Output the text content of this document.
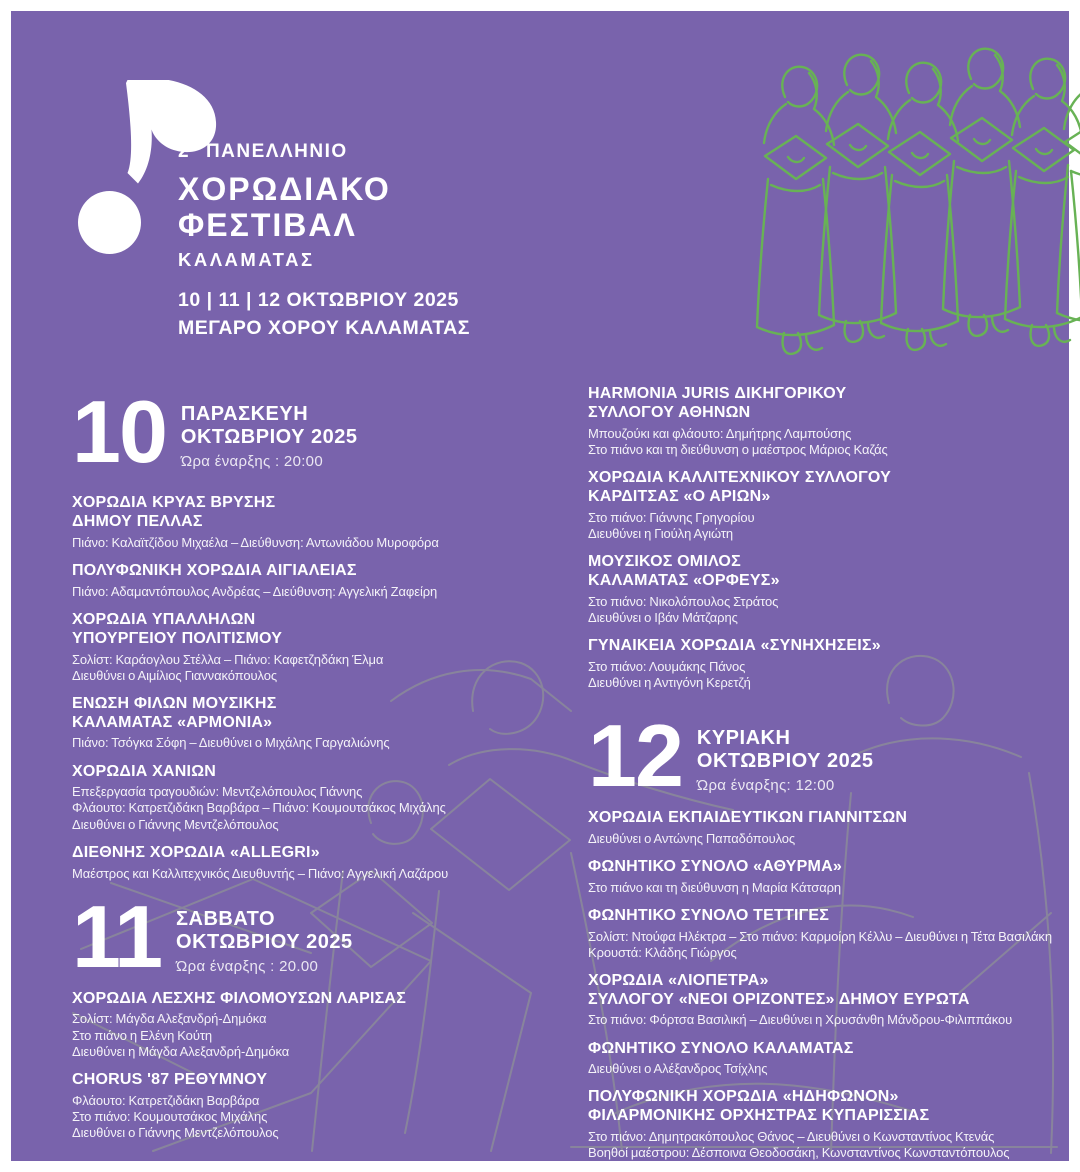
2° ΠΑΝΕΛΛΗΝΙΟ
ΧΟΡΩΔΙΑΚΟ
ΦΕΣΤΙΒΑΛ
ΚΑΛΑΜΑΤΑΣ
10 | 11 | 12 ΟΚΤΩΒΡΙΟΥ 2025
ΜΕΓΑΡΟ ΧΟΡΟΥ ΚΑΛΑΜΑΤΑΣ
10 ΠΑΡΑΣΚΕΥΗ
ΟΚΤΩΒΡΙΟΥ 2025
Ώρα έναρξης : 20:00
ΧΟΡΩΔΙΑ ΚΡΥΑΣ ΒΡΥΣΗΣ
ΔΗΜΟΥ ΠΕΛΛΑΣ
Πιάνο: Καλαϊτζίδου Μιχαέλα – Διεύθυνση: Αντωνιάδου Μυροφόρα
ΠΟΛΥΦΩΝΙΚΗ ΧΟΡΩΔΙΑ ΑΙΓΙΑΛΕΙΑΣ
Πιάνο: Αδαμαντόπουλος Ανδρέας – Διεύθυνση: Αγγελική Ζαφείρη
ΧΟΡΩΔΙΑ ΥΠΑΛΛΗΛΩΝ
ΥΠΟΥΡΓΕΙΟΥ ΠΟΛΙΤΙΣΜΟΥ
Σολίστ: Καράογλου Στέλλα – Πιάνο: Καφετζηδάκη Έλμα
Διευθύνει ο Αιμίλιος Γιαννακόπουλος
ΕΝΩΣΗ ΦΙΛΩΝ ΜΟΥΣΙΚΗΣ
ΚΑΛΑΜΑΤΑΣ «ΑΡΜΟΝΙΑ»
Πιάνο: Τσόγκα Σόφη – Διευθύνει ο Μιχάλης Γαργαλιώνης
ΧΟΡΩΔΙΑ ΧΑΝΙΩΝ
Επεξεργασία τραγουδιών: Μεντζελόπουλος Γιάννης
Φλάουτο: Κατρετζιδάκη Βαρβάρα – Πιάνο: Κουμουτσάκος Μιχάλης
Διευθύνει ο Γιάννης Μεντζελόπουλος
ΔΙΕΘΝΗΣ ΧΟΡΩΔΙΑ «ALLEGRI»
Μαέστρος και Καλλιτεχνικός Διευθυντής – Πιάνο: Αγγελική Λαζάρου
11 ΣΑΒΒΑΤΟ
ΟΚΤΩΒΡΙΟΥ 2025
Ώρα έναρξης : 20.00
ΧΟΡΩΔΙΑ ΛΕΣΧΗΣ ΦΙΛΟΜΟΥΣΩΝ ΛΑΡΙΣΑΣ
Σολίστ: Μάγδα Αλεξανδρή-Δημόκα
Στο πιάνο η Ελένη Κούτη
Διευθύνει η Μάγδα Αλεξανδρή-Δημόκα
CHORUS '87 ΡΕΘΥΜΝΟΥ
Φλάουτο: Κατρετζιδάκη Βαρβάρα
Στο πιάνο: Κουμουτσάκος Μιχάλης
Διευθύνει ο Γιάννης Μεντζελόπουλος
HARMONIA JURIS ΔΙΚΗΓΟΡΙΚΟΥ
ΣΥΛΛΟΓΟΥ ΑΘΗΝΩΝ
Μπουζούκι και φλάουτο: Δημήτρης Λαμπούσης
Στο πιάνο και τη διεύθυνση ο μαέστρος Μάριος Καζάς
ΧΟΡΩΔΙΑ ΚΑΛΛΙΤΕΧΝΙΚΟΥ ΣΥΛΛΟΓΟΥ
ΚΑΡΔΙΤΣΑΣ «Ο ΑΡΙΩΝ»
Στο πιάνο: Γιάννης Γρηγορίου
Διευθύνει η Γιούλη Αγιώτη
ΜΟΥΣΙΚΟΣ ΟΜΙΛΟΣ
ΚΑΛΑΜΑΤΑΣ «ΟΡΦΕΥΣ»
Στο πιάνο: Νικολόπουλος Στράτος
Διευθύνει ο Ιβάν Μάτζαρης
ΓΥΝΑΙΚΕΙΑ ΧΟΡΩΔΙΑ «ΣΥΝΗΧΗΣΕΙΣ»
Στο πιάνο: Λουμάκης Πάνος
Διευθύνει η Αντιγόνη Κερετζή
12 ΚΥΡΙΑΚΗ
ΟΚΤΩΒΡΙΟΥ 2025
Ώρα έναρξης: 12:00
ΧΟΡΩΔΙΑ ΕΚΠΑΙΔΕΥΤΙΚΩΝ ΓΙΑΝΝΙΤΣΩΝ
Διευθύνει ο Αντώνης Παπαδόπουλος
ΦΩΝΗΤΙΚΟ ΣΥΝΟΛΟ «ΑΘΥΡΜΑ»
Στο πιάνο και τη διεύθυνση η Μαρία Κάτσαρη
ΦΩΝΗΤΙΚΟ ΣΥΝΟΛΟ ΤΕΤΤΙΓΕΣ
Σολίστ: Ντούφα Ηλέκτρα – Στο πιάνο: Καρμοίρη Κέλλυ – Διευθύνει η Τέτα Βασιλάκη
Κρουστά: Κλάδης Γιώργος
ΧΟΡΩΔΙΑ «ΛΙΟΠΕΤΡΑ»
ΣΥΛΛΟΓΟΥ «ΝΕΟΙ ΟΡΙΖΟΝΤΕΣ» ΔΗΜΟΥ ΕΥΡΩΤΑ
Στο πιάνο: Φόρτσα Βασιλική – Διευθύνει η Χρυσάνθη Μάνδρου-Φιλιππάκου
ΦΩΝΗΤΙΚΟ ΣΥΝΟΛΟ ΚΑΛΑΜΑΤΑΣ
Διευθύνει ο Αλέξανδρος Τσίχλης
ΠΟΛΥΦΩΝΙΚΗ ΧΟΡΩΔΙΑ «ΗΔΗΦΩΝΟΝ»
ΦΙΛΑΡΜΟΝΙΚΗΣ ΟΡΧΗΣΤΡΑΣ ΚΥΠΑΡΙΣΣΙΑΣ
Στο πιάνο: Δημητρακόπουλος Θάνος – Διευθύνει ο Κωνσταντίνος Κτενάς
Βοηθοί μαέστρου: Δέσποινα Θεοδοσάκη, Κωνσταντίνος Κωνσταντόπουλος
